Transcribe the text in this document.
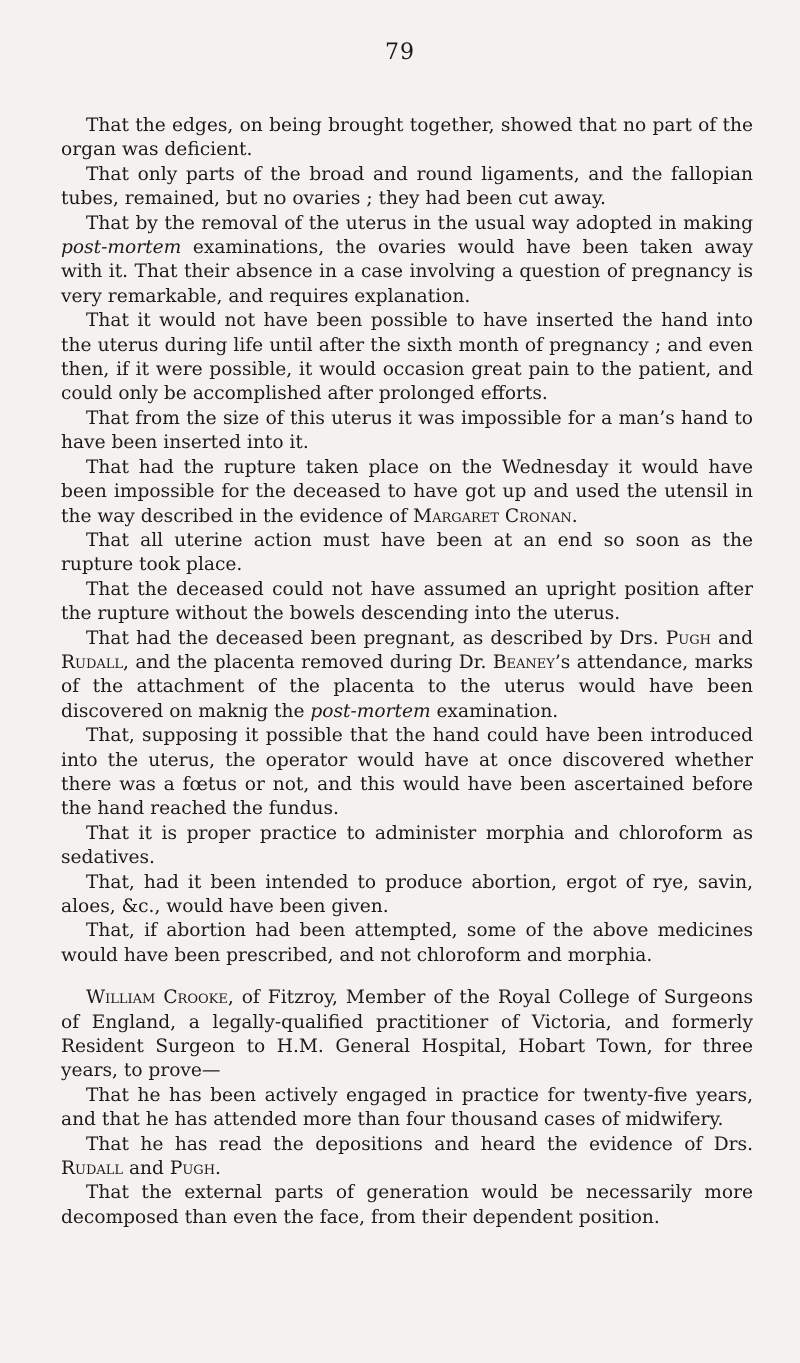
79

That the edges, on being brought together, showed that no part of the organ was deficient.

That only parts of the broad and round ligaments, and the fallopian tubes, remained, but no ovaries ; they had been cut away.

That by the removal of the uterus in the usual way adopted in making post-mortem examinations, the ovaries would have been taken away with it. That their absence in a case involving a question of pregnancy is very remarkable, and requires explanation.

That it would not have been possible to have inserted the hand into the uterus during life until after the sixth month of pregnancy ; and even then, if it were possible, it would occasion great pain to the patient, and could only be accomplished after prolonged efforts.

That from the size of this uterus it was impossible for a man’s hand to have been inserted into it.

That had the rupture taken place on the Wednesday it would have been impossible for the deceased to have got up and used the utensil in the way described in the evidence of Margaret Cronan.

That all uterine action must have been at an end so soon as the rupture took place.

That the deceased could not have assumed an upright position after the rupture without the bowels descending into the uterus.

That had the deceased been pregnant, as described by Drs. Pugh and Rudall, and the placenta removed during Dr. Beaney’s attendance, marks of the attachment of the placenta to the uterus would have been discovered on maknig the post-mortem examination.

That, supposing it possible that the hand could have been introduced into the uterus, the operator would have at once discovered whether there was a fœtus or not, and this would have been ascertained before the hand reached the fundus.

That it is proper practice to administer morphia and chloroform as sedatives.

That, had it been intended to produce abortion, ergot of rye, savin, aloes, &c., would have been given.

That, if abortion had been attempted, some of the above medicines would have been prescribed, and not chloroform and morphia.

William Crooke, of Fitzroy, Member of the Royal College of Surgeons of England, a legally-qualified practitioner of Victoria, and formerly Resident Surgeon to H.M. General Hospital, Hobart Town, for three years, to prove—

That he has been actively engaged in practice for twenty-five years, and that he has attended more than four thousand cases of midwifery.

That he has read the depositions and heard the evidence of Drs. Rudall and Pugh.

That the external parts of generation would be necessarily more decomposed than even the face, from their dependent position.
